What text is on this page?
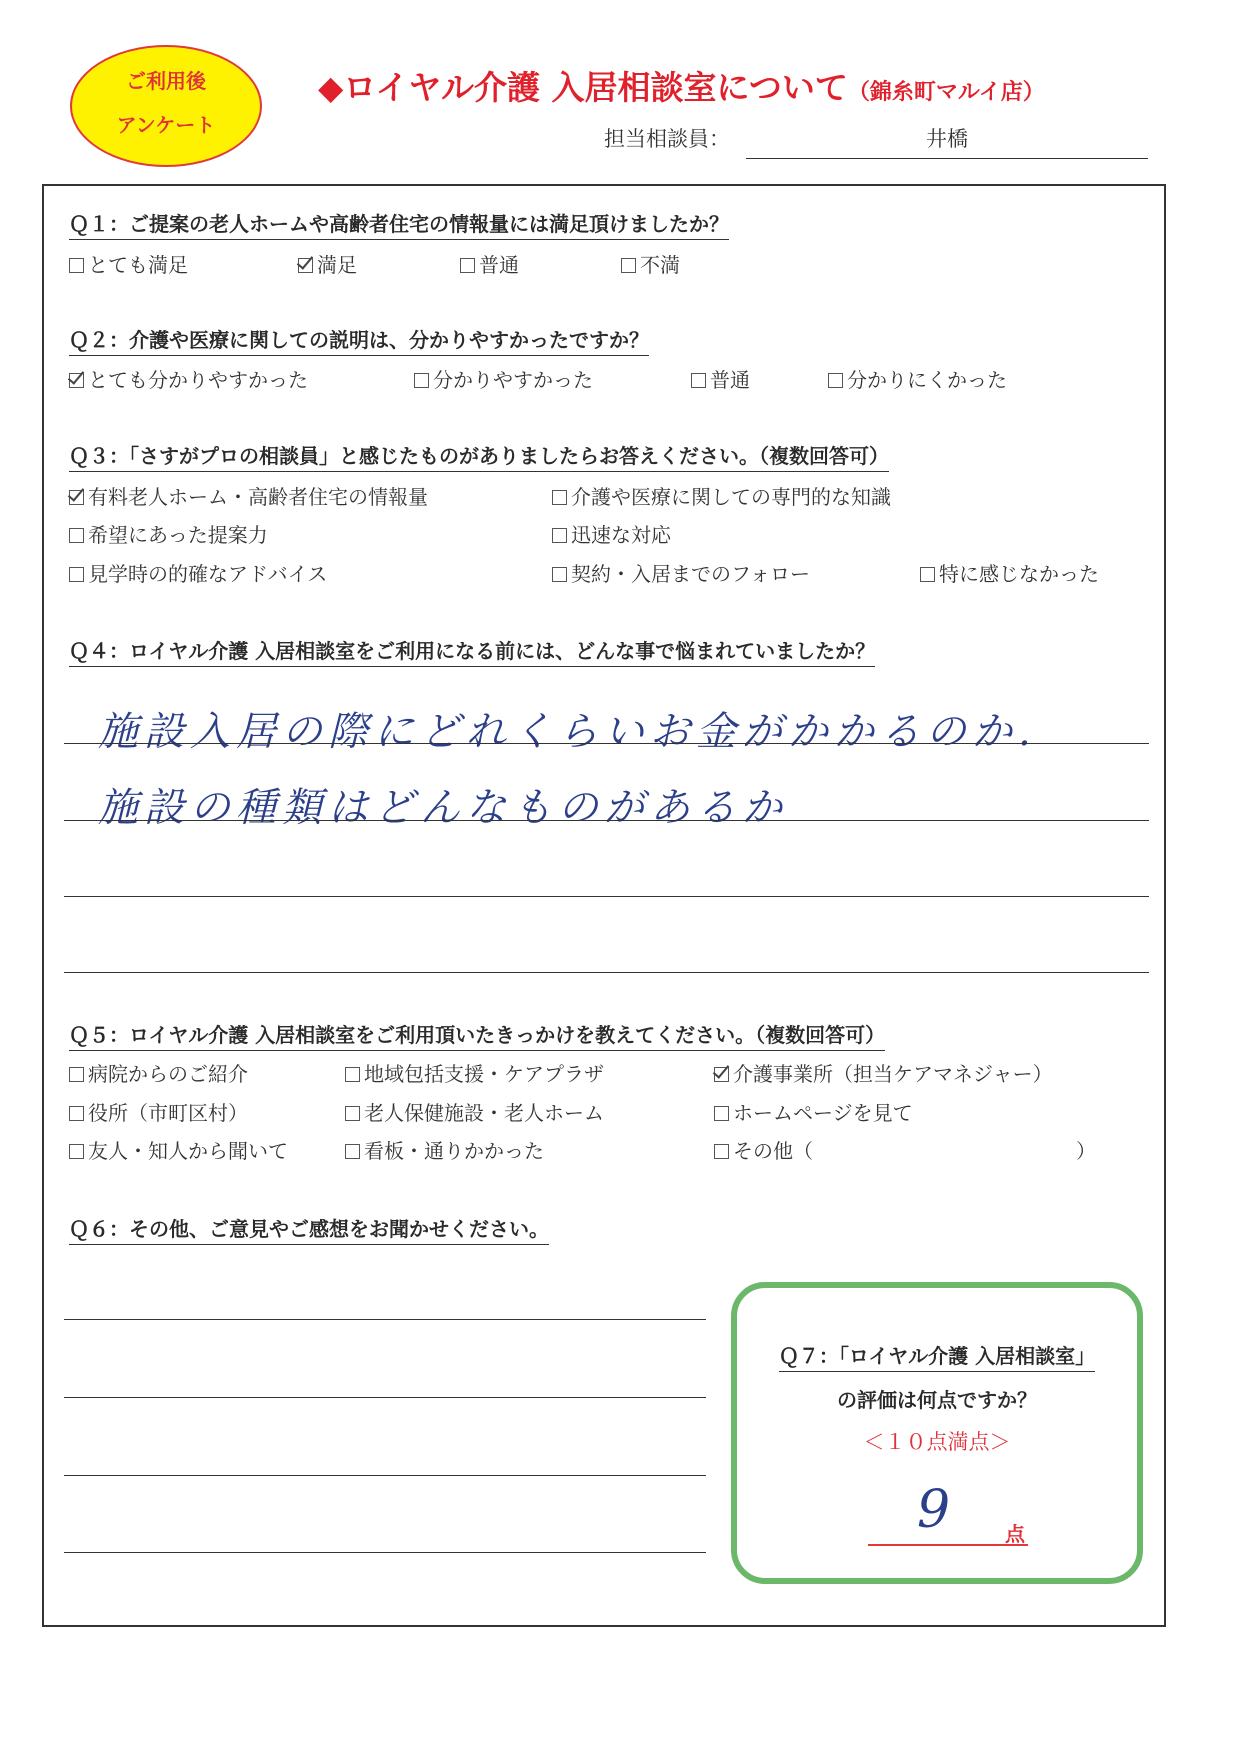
ご利用後
アンケート
◆ロイヤル介護 入居相談室について（錦糸町マルイ店）
担当相談員：	井橋
Ｑ１：ご提案の老人ホームや高齢者住宅の情報量には満足頂けましたか？
とても満足	満足	普通	不満
Ｑ２：介護や医療に関しての説明は、分かりやすかったですか？
とても分かりやすかった	分かりやすかった	普通	分かりにくかった
Ｑ３：「さすがプロの相談員」と感じたものがありましたらお答えください。（複数回答可）
有料老人ホーム・高齢者住宅の情報量	介護や医療に関しての専門的な知識
希望にあった提案力	迅速な対応
見学時の的確なアドバイス	契約・入居までのフォロー	特に感じなかった
Ｑ４：ロイヤル介護 入居相談室をご利用になる前には、どんな事で悩まれていましたか？
施設入居の際にどれくらいお金がかかるのか.
施設の種類はどんなものがあるか
Ｑ５：ロイヤル介護 入居相談室をご利用頂いたきっかけを教えてください。（複数回答可）
病院からのご紹介	地域包括支援・ケアプラザ	介護事業所（担当ケアマネジャー）
役所（市町区村）	老人保健施設・老人ホーム	ホームページを見て
友人・知人から聞いて	看板・通りかかった	その他（	）
Ｑ６：その他、ご意見やご感想をお聞かせください。
Ｑ７：「ロイヤル介護 入居相談室」
の評価は何点ですか？
＜１０点満点＞
9	点
